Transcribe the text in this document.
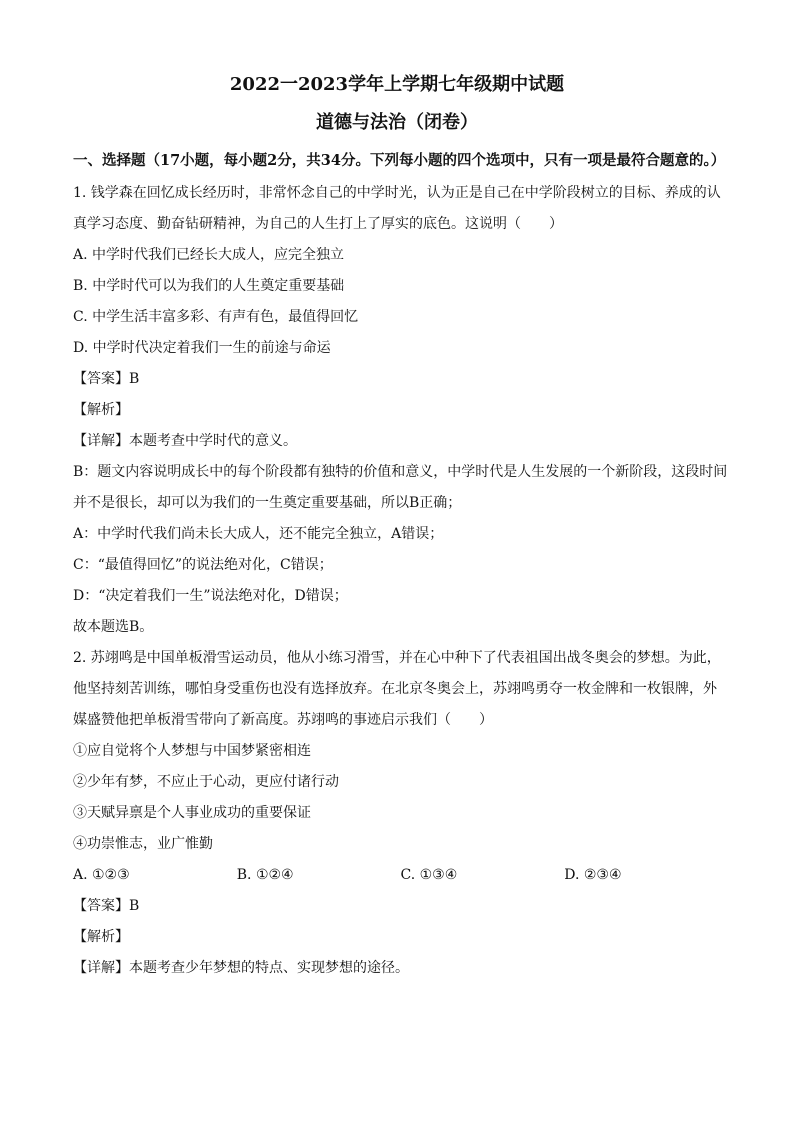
2022一2023学年上学期七年级期中试题
道德与法治（闭卷）

一、选择题（17小题，每小题2分，共34分。下列每小题的四个选项中，只有一项是最符合题意的。）

1. 钱学森在回忆成长经历时，非常怀念自己的中学时光，认为正是自己在中学阶段树立的目标、养成的认真学习态度、勤奋钻研精神，为自己的人生打上了厚实的底色。这说明（　　）

A. 中学时代我们已经长大成人，应完全独立

B. 中学时代可以为我们的人生奠定重要基础

C. 中学生活丰富多彩、有声有色，最值得回忆

D. 中学时代决定着我们一生的前途与命运

【答案】B

【解析】

【详解】本题考查中学时代的意义。

B：题文内容说明成长中的每个阶段都有独特的价值和意义，中学时代是人生发展的一个新阶段，这段时间并不是很长，却可以为我们的一生奠定重要基础，所以B正确；

A：中学时代我们尚未长大成人，还不能完全独立，A错误；

C：“最值得回忆”的说法绝对化，C错误；

D：“决定着我们一生”说法绝对化，D错误；

故本题选B。

2. 苏翊鸣是中国单板滑雪运动员，他从小练习滑雪，并在心中种下了代表祖国出战冬奥会的梦想。为此，他坚持刻苦训练，哪怕身受重伤也没有选择放弃。在北京冬奥会上，苏翊鸣勇夺一枚金牌和一枚银牌，外媒盛赞他把单板滑雪带向了新高度。苏翊鸣的事迹启示我们（　　）

①应自觉将个人梦想与中国梦紧密相连

②少年有梦，不应止于心动，更应付诸行动

③天赋异禀是个人事业成功的重要保证

④功崇惟志，业广惟勤

A. ①②③	B. ①②④	C. ①③④	D. ②③④

【答案】B

【解析】

【详解】本题考查少年梦想的特点、实现梦想的途径。
